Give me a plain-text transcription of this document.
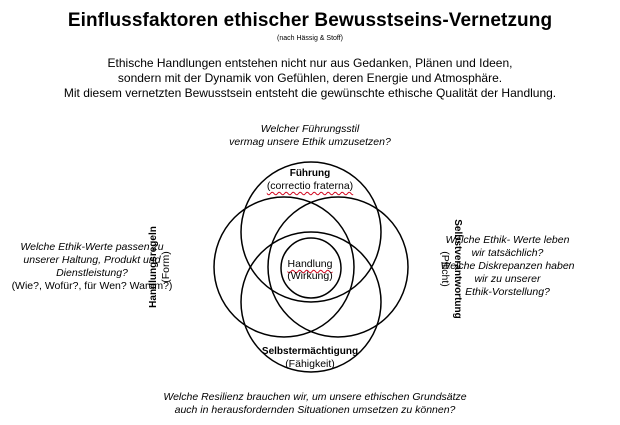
Einflussfaktoren ethischer Bewusstseins-Vernetzung
(nach Hässig & Stoff)
Ethische Handlungen entstehen nicht nur aus Gedanken, Plänen und Ideen,
sondern mit der Dynamik von Gefühlen, deren Energie und Atmosphäre.
Mit diesem vernetzten Bewusstsein entsteht die gewünschte ethische Qualität der Handlung.
Welcher Führungsstil
vermag unsere Ethik umzusetzen?
Welche Ethik-Werte passen zu
unserer Haltung, Produkt und
Dienstleistung?
(Wie?, Wofür?, für Wen? Warum?)
Welche Ethik- Werte leben
wir tatsächlich?
Welche Diskrepanzen haben
wir zu unserer
Ethik-Vorstellung?
Welche Resilienz brauchen wir, um unsere ethischen Grundsätze
auch in herausfordernden Situationen umsetzen zu können?
Führung
(correctio fraterna)
Selbstermächtigung
(Fähigkeit)
Handlung
(Wirkung)
Handlungsregeln (Form)	Selbstverantwortung
(Pflicht)
